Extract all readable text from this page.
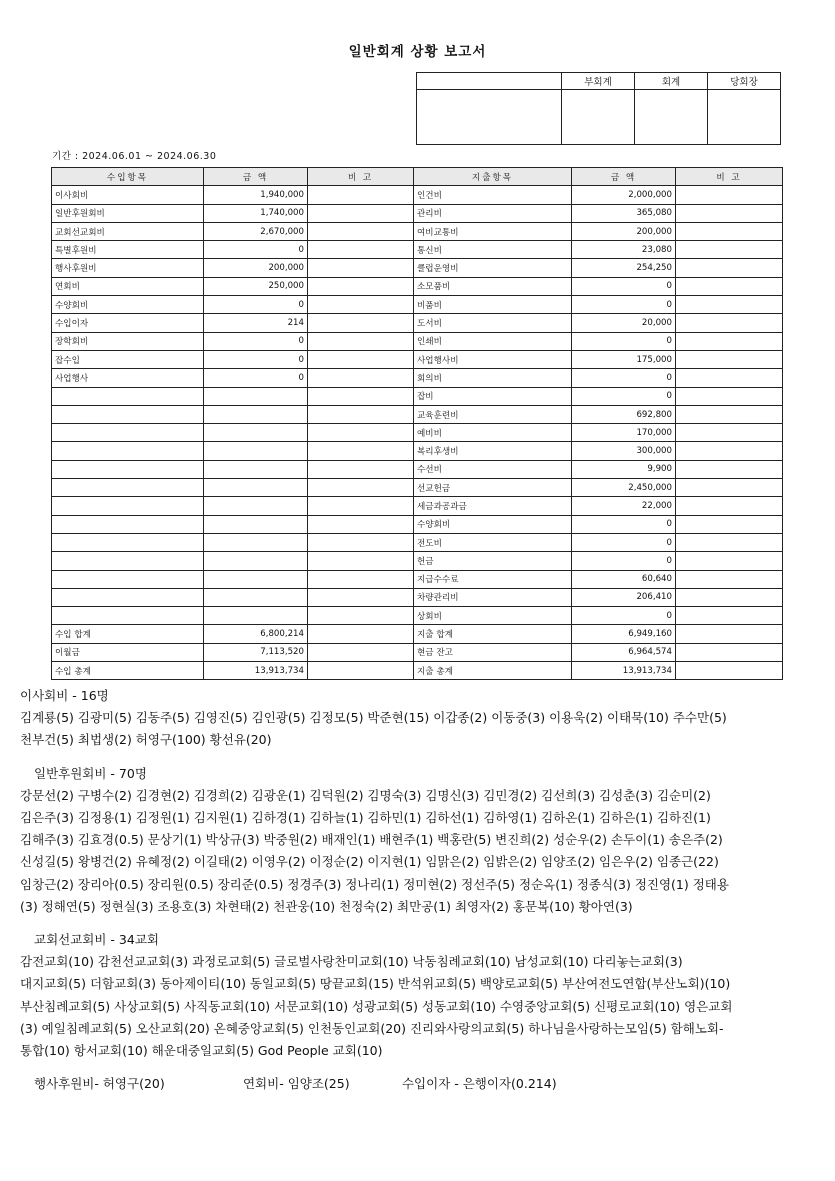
일반회계 상황 보고서
	부회계	회계	당회장

기간 : 2024.06.01 ~ 2024.06.30
수입항목	금 액	비 고	지출항목	금 액	비 고
이사회비	1,940,000		인건비	2,000,000	
일반후원회비	1,740,000		관리비	365,080	
교회선교회비	2,670,000		여비교통비	200,000	
특별후원비	0		통신비	23,080	
행사후원비	200,000		클럽운영비	254,250	
연회비	250,000		소모품비	0	
수양회비	0		비품비	0	
수입이자	214		도서비	20,000	
장학회비	0		인쇄비	0	
잡수입	0		사업행사비	175,000	
사업행사	0		회의비	0	
			잡비	0	
			교육훈련비	692,800	
			예비비	170,000	
			복리후생비	300,000	
			수선비	9,900	
			선교헌금	2,450,000	
			세금과공과금	22,000	
			수양회비	0	
			전도비	0	
			헌금	0	
			지급수수료	60,640	
			차량관리비	206,410	
			상회비	0	
수입 합계	6,800,214		지출 합계	6,949,160	
이월금	7,113,520		현금 잔고	6,964,574	
수입 총계	13,913,734		지출 총계	13,913,734	

이사회비 - 16명

김계룡(5) 김광미(5) 김동주(5) 김영진(5) 김인광(5) 김정모(5) 박준현(15) 이갑종(2) 이동중(3) 이용욱(2) 이태묵(10) 주수만(5)

천부건(5) 최법생(2) 허영구(100) 황선유(20)

일반후원회비 - 70명

강문선(2) 구병수(2) 김경현(2) 김경희(2) 김광운(1) 김덕원(2) 김명숙(3) 김명신(3) 김민경(2) 김선희(3) 김성춘(3) 김순미(2)

김은주(3) 김정용(1) 김정원(1) 김지원(1) 김하경(1) 김하늘(1) 김하민(1) 김하선(1) 김하영(1) 김하온(1) 김하은(1) 김하진(1)

김해주(3) 김효경(0.5) 문상기(1) 박상규(3) 박중원(2) 배재인(1) 배현주(1) 백홍란(5) 변진희(2) 성순우(2) 손두이(1) 송은주(2)

신성길(5) 왕병건(2) 유혜정(2) 이길태(2) 이영우(2) 이정순(2) 이지현(1) 임맑은(2) 임밝은(2) 임양조(2) 임은우(2) 임종근(22)

임창근(2) 장리아(0.5) 장리원(0.5) 장리준(0.5) 정경주(3) 정나리(1) 정미현(2) 정선주(5) 정순옥(1) 정종식(3) 정진영(1) 정태용

(3) 정해연(5) 정현실(3) 조용호(3) 차현태(2) 천관웅(10) 천정숙(2) 최만공(1) 최영자(2) 홍문복(10) 황아연(3)

교회선교회비 - 34교회

감전교회(10) 감천선교교회(3) 과정로교회(5) 글로벌사랑찬미교회(10) 낙동침례교회(10) 남성교회(10) 다리놓는교회(3)

대지교회(5) 더함교회(3) 동아제이티(10) 동일교회(5) 땅끝교회(15) 반석위교회(5) 백양로교회(5) 부산여전도연합(부산노회)(10)

부산침례교회(5) 사상교회(5) 사직동교회(10) 서문교회(10) 성광교회(5) 성동교회(10) 수영중앙교회(5) 신평로교회(10) 영은교회

(3) 예일침례교회(5) 오산교회(20) 온혜중앙교회(5) 인천동인교회(20) 진리와사랑의교회(5) 하나님을사랑하는모임(5) 함해노회-

통합(10) 항서교회(10) 해운대중일교회(5) God People 교회(10)

행사후원비- 허영구(20)	연회비- 임양조(25)	수입이자 - 은행이자(0.214)
